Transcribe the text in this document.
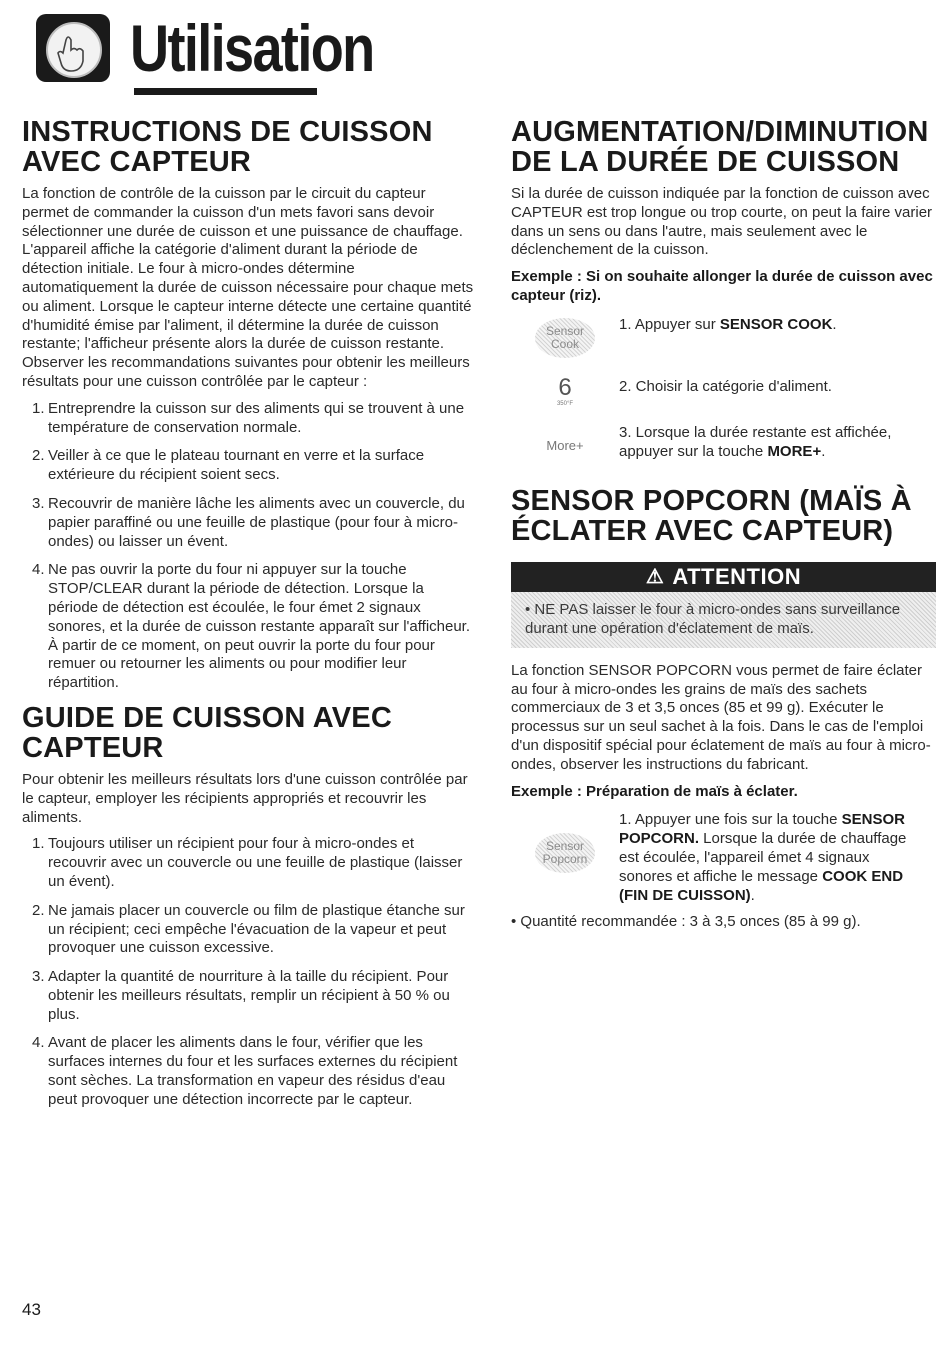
Utilisation
INSTRUCTIONS DE CUISSON AVEC CAPTEUR

La fonction de contrôle de la cuisson par le circuit du capteur permet de commander la cuisson d'un mets favori sans devoir sélectionner une durée de cuisson et une puissance de chauffage. L'appareil affiche la catégorie d'aliment durant la période de détection initiale. Le four à micro-ondes détermine automatiquement la durée de cuisson nécessaire pour chaque mets ou aliment. Lorsque le capteur interne détecte une certaine quantité d'humidité émise par l'aliment, il détermine la durée de cuisson restante; l'afficheur présente alors la durée de cuisson restante. Observer les recommandations suivantes pour obtenir les meilleurs résultats pour une cuisson contrôlée par le capteur :

1. Entreprendre la cuisson sur des aliments qui se trouvent à une température de conservation normale.
2. Veiller à ce que le plateau tournant en verre et la surface extérieure du récipient soient secs.
3. Recouvrir de manière lâche les aliments avec un couvercle, du papier paraffiné ou une feuille de plastique (pour four à micro-ondes) ou laisser un évent.
4. Ne pas ouvrir la porte du four ni appuyer sur la touche STOP/CLEAR durant la période de détection. Lorsque la période de détection est écoulée, le four émet 2 signaux sonores, et la durée de cuisson restante apparaît sur l'afficheur. À partir de ce moment, on peut ouvrir la porte du four pour remuer ou retourner les aliments ou pour modifier leur répartition.
GUIDE DE CUISSON AVEC CAPTEUR

Pour obtenir les meilleurs résultats lors d'une cuisson contrôlée par le capteur, employer les récipients appropriés et recouvrir les aliments.

1. Toujours utiliser un récipient pour four à micro-ondes et recouvrir avec un couvercle ou une feuille de plastique (laisser un évent).
2. Ne jamais placer un couvercle ou film de plastique étanche sur un récipient; ceci empêche l'évacuation de la vapeur et peut provoquer une cuisson excessive.
3. Adapter la quantité de nourriture à la taille du récipient. Pour obtenir les meilleurs résultats, remplir un récipient à 50 % ou plus.
4. Avant de placer les aliments dans le four, vérifier que les surfaces internes du four et les surfaces externes du récipient sont sèches. La transformation en vapeur des résidus d'eau peut provoquer une détection incorrecte par le capteur.
AUGMENTATION/DIMINUTION DE LA DURÉE DE CUISSON

Si la durée de cuisson indiquée par la fonction de cuisson avec CAPTEUR est trop longue ou trop courte, on peut la faire varier dans un sens ou dans l'autre, mais seulement avec le déclenchement de la cuisson.

Exemple : Si on souhaite allonger la durée de cuisson avec capteur (riz).

Sensor
Cook

1. Appuyer sur SENSOR COOK.

6
350°F

2. Choisir la catégorie d'aliment.

More+

3. Lorsque la durée restante est affichée, appuyer sur la touche MORE+.

SENSOR POPCORN (MAÏS À ÉCLATER AVEC CAPTEUR)
⚠ ATTENTION

• NE PAS laisser le four à micro-ondes sans surveillance durant une opération d'éclatement de maïs.

La fonction SENSOR POPCORN vous permet de faire éclater au four à micro-ondes les grains de maïs des sachets commerciaux de 3 et 3,5 onces (85 et 99 g). Exécuter le processus sur un seul sachet à la fois. Dans le cas de l'emploi d'un dispositif spécial pour éclatement de maïs au four à micro-ondes, observer les instructions du fabricant.

Exemple : Préparation de maïs à éclater.

Sensor
Popcorn

1. Appuyer une fois sur la touche SENSOR POPCORN. Lorsque la durée de chauffage est écoulée, l'appareil émet 4 signaux sonores et affiche le message COOK END (FIN DE CUISSON).

• Quantité recommandée : 3 à 3,5 onces (85 à 99 g).

43
